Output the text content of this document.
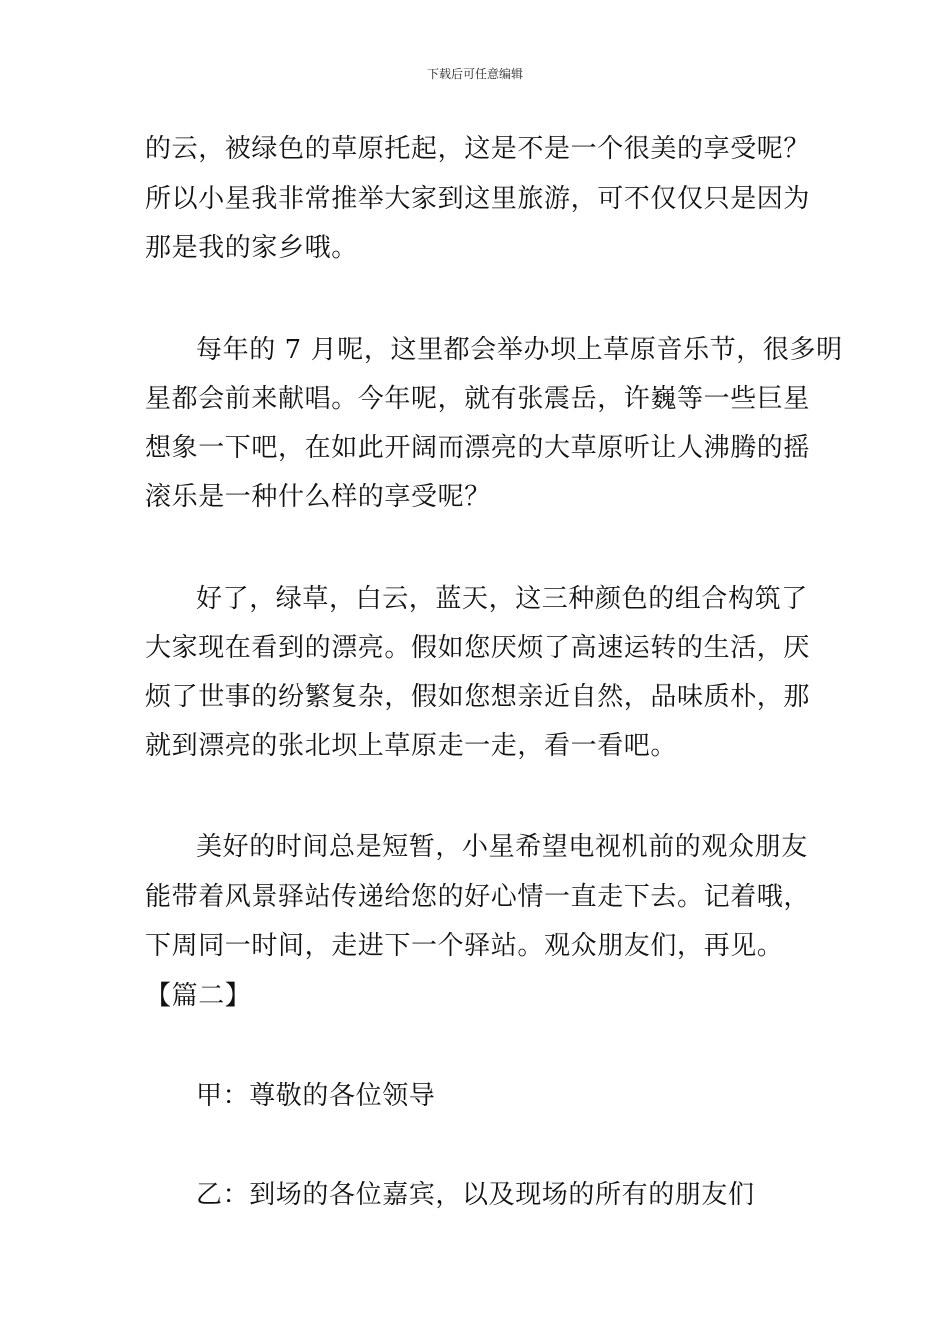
下载后可任意编辑
的云，被绿色的草原托起，这是不是一个很美的享受呢？
所以小星我非常推举大家到这里旅游，可不仅仅只是因为
那是我的家乡哦。
每年的 7 月呢，这里都会举办坝上草原音乐节，很多明
星都会前来献唱。今年呢，就有张震岳，许巍等一些巨星
想象一下吧，在如此开阔而漂亮的大草原听让人沸腾的摇
滚乐是一种什么样的享受呢？
好了，绿草，白云，蓝天，这三种颜色的组合构筑了
大家现在看到的漂亮。假如您厌烦了高速运转的生活，厌
烦了世事的纷繁复杂，假如您想亲近自然，品味质朴，那
就到漂亮的张北坝上草原走一走，看一看吧。
美好的时间总是短暂，小星希望电视机前的观众朋友
能带着风景驿站传递给您的好心情一直走下去。记着哦，
下周同一时间，走进下一个驿站。观众朋友们，再见。
【篇二】
甲：尊敬的各位领导
乙：到场的各位嘉宾，以及现场的所有的朋友们
